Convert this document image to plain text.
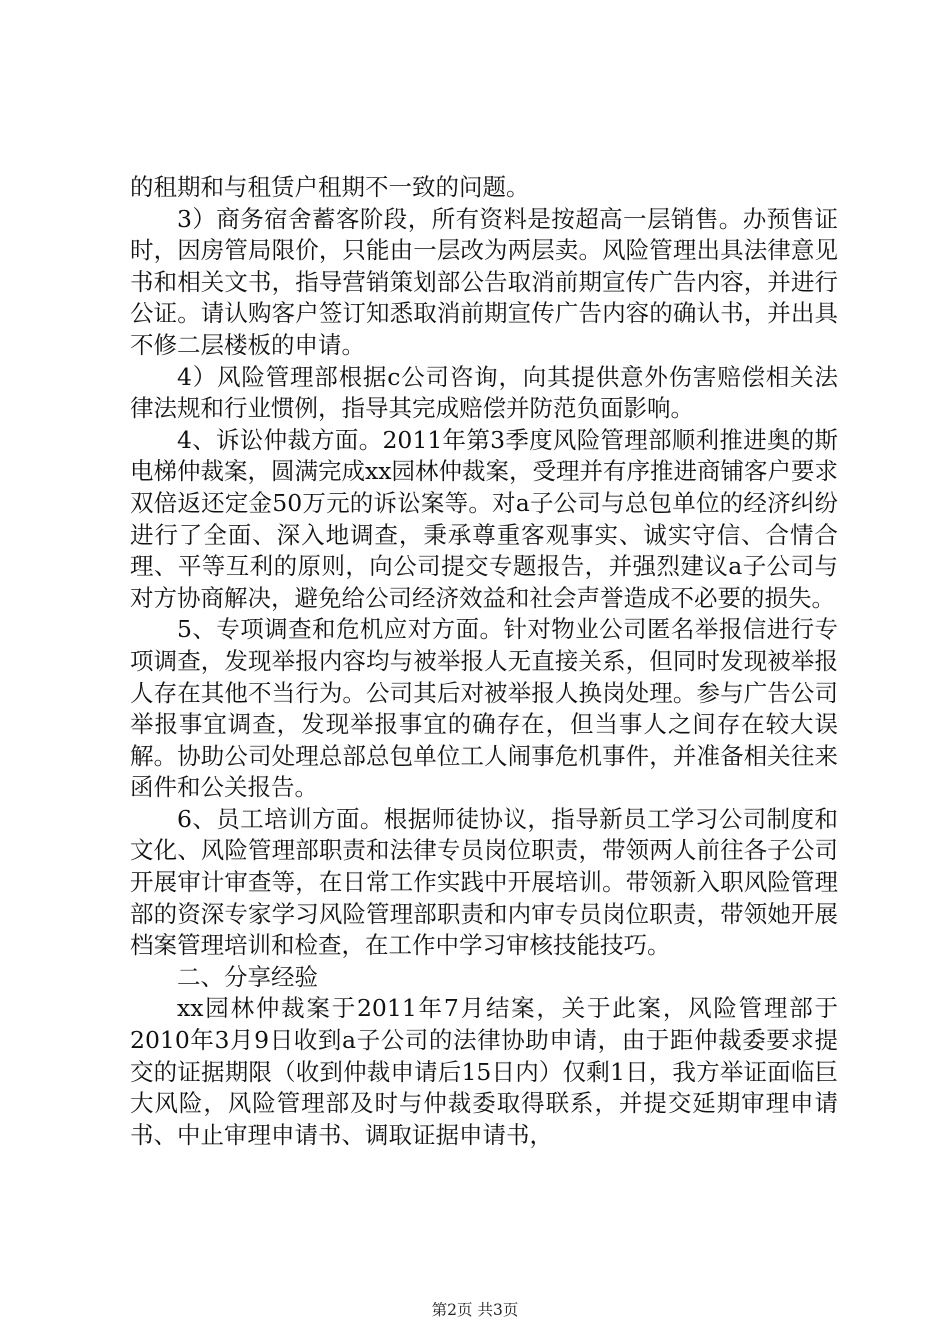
的租期和与租赁户租期不一致的问题。

3）商务宿舍蓄客阶段，所有资料是按超高一层销售。办预售证时，因房管局限价，只能由一层改为两层卖。风险管理出具法律意见书和相关文书，指导营销策划部公告取消前期宣传广告内容，并进行公证。请认购客户签订知悉取消前期宣传广告内容的确认书，并出具不修二层楼板的申请。

4）风险管理部根据c公司咨询，向其提供意外伤害赔偿相关法律法规和行业惯例，指导其完成赔偿并防范负面影响。

4、诉讼仲裁方面。2011年第3季度风险管理部顺利推进奥的斯电梯仲裁案，圆满完成xx园林仲裁案，受理并有序推进商铺客户要求双倍返还定金50万元的诉讼案等。对a子公司与总包单位的经济纠纷进行了全面、深入地调查，秉承尊重客观事实、诚实守信、合情合理、平等互利的原则，向公司提交专题报告，并强烈建议a子公司与对方协商解决，避免给公司经济效益和社会声誉造成不必要的损失。

5、专项调查和危机应对方面。针对物业公司匿名举报信进行专项调查，发现举报内容均与被举报人无直接关系，但同时发现被举报人存在其他不当行为。公司其后对被举报人换岗处理。参与广告公司举报事宜调查，发现举报事宜的确存在，但当事人之间存在较大误解。协助公司处理总部总包单位工人闹事危机事件，并准备相关往来函件和公关报告。

6、员工培训方面。根据师徒协议，指导新员工学习公司制度和文化、风险管理部职责和法律专员岗位职责，带领两人前往各子公司开展审计审查等，在日常工作实践中开展培训。带领新入职风险管理部的资深专家学习风险管理部职责和内审专员岗位职责，带领她开展档案管理培训和检查，在工作中学习审核技能技巧。

二、分享经验

xx园林仲裁案于2011年7月结案，关于此案，风险管理部于2010年3月9日收到a子公司的法律协助申请，由于距仲裁委要求提交的证据期限（收到仲裁申请后15日内）仅剩1日，我方举证面临巨大风险，风险管理部及时与仲裁委取得联系，并提交延期审理申请书、中止审理申请书、调取证据申请书，

第2页 共3页
